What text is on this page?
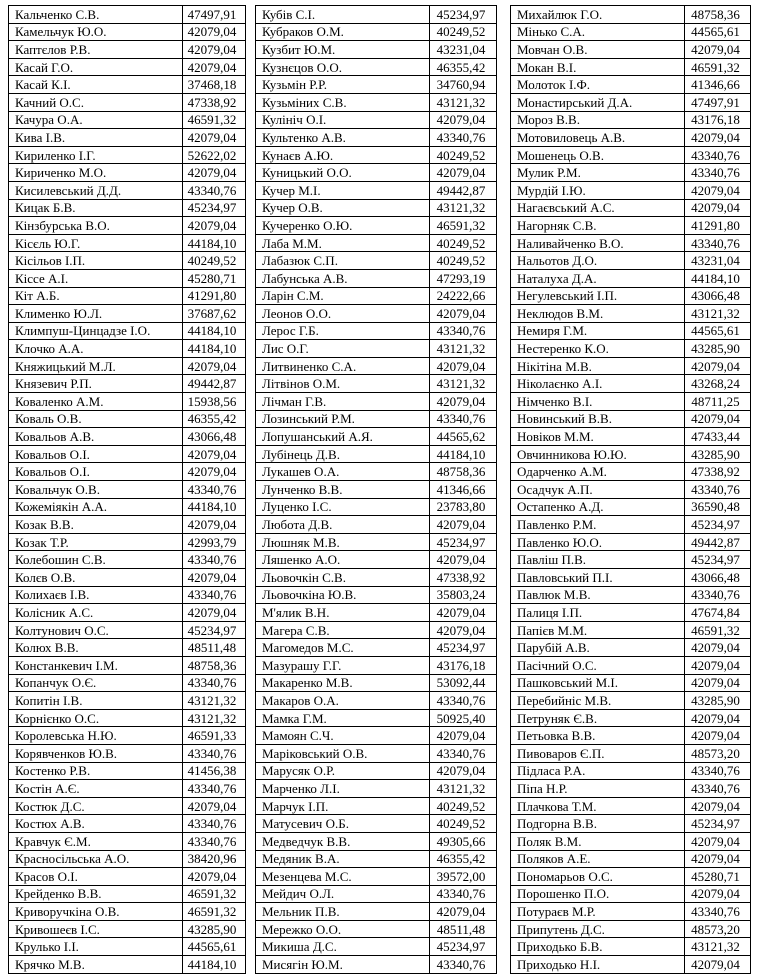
Кальченко С.В.	47497,91
Камельчук Ю.О.	42079,04
Каптєлов Р.В.	42079,04
Касай Г.О.	42079,04
Касай К.І.	37468,18
Качний О.С.	47338,92
Качура О.А.	46591,32
Кива І.В.	42079,04
Кириленко І.Г.	52622,02
Кириченко М.О.	42079,04
Кисилевський Д.Д.	43340,76
Кицак Б.В.	45234,97
Кінзбурська В.О.	42079,04
Кісєль Ю.Г.	44184,10
Кісільов І.П.	40249,52
Кіссе А.І.	45280,71
Кіт А.Б.	41291,80
Клименко Ю.Л.	37687,62
Климпуш-Цинцадзе І.О.	44184,10
Клочко А.А.	44184,10
Княжицький М.Л.	42079,04
Князевич Р.П.	49442,87
Коваленко А.М.	15938,56
Коваль О.В.	46355,42
Ковальов А.В.	43066,48
Ковальов О.І.	42079,04
Ковальов О.І.	42079,04
Ковальчук О.В.	43340,76
Кожеміякін А.А.	44184,10
Козак В.В.	42079,04
Козак Т.Р.	42993,79
Колебошин С.В.	43340,76
Колєв О.В.	42079,04
Колихаєв І.В.	43340,76
Колісник А.С.	42079,04
Колтунович О.С.	45234,97
Колюх В.В.	48511,48
Констанкевич І.М.	48758,36
Копанчук О.Є.	43340,76
Копитін І.В.	43121,32
Корнієнко О.С.	43121,32
Королевська Н.Ю.	46591,33
Корявченков Ю.В.	43340,76
Костенко Р.В.	41456,38
Костін А.Є.	43340,76
Костюк Д.С.	42079,04
Костюх А.В.	43340,76
Кравчук Є.М.	43340,76
Красносільська А.О.	38420,96
Красов О.І.	42079,04
Крейденко В.В.	46591,32
Криворучкіна О.В.	46591,32
Кривошеєв І.С.	43285,90
Крулько І.І.	44565,61
Крячко М.В.	44184,10
Кубів С.І.	45234,97
Кубраков О.М.	40249,52
Кузбит Ю.М.	43231,04
Кузнєцов О.О.	46355,42
Кузьмін Р.Р.	34760,94
Кузьміних С.В.	43121,32
Кулініч О.І.	42079,04
Культенко А.В.	43340,76
Кунаєв А.Ю.	40249,52
Куницький О.О.	42079,04
Кучер М.І.	49442,87
Кучер О.В.	43121,32
Кучеренко О.Ю.	46591,32
Лаба М.М.	40249,52
Лабазюк С.П.	40249,52
Лабунська А.В.	47293,19
Ларін С.М.	24222,66
Леонов О.О.	42079,04
Лерос Г.Б.	43340,76
Лис О.Г.	43121,32
Литвиненко С.А.	42079,04
Літвінов О.М.	43121,32
Лічман Г.В.	42079,04
Лозинський Р.М.	43340,76
Лопушанський А.Я.	44565,62
Лубінець Д.В.	44184,10
Лукашев О.А.	48758,36
Лунченко В.В.	41346,66
Луценко І.С.	23783,80
Любота Д.В.	42079,04
Люшняк М.В.	45234,97
Ляшенко А.О.	42079,04
Льовочкін С.В.	47338,92
Льовочкіна Ю.В.	35803,24
М'ялик В.Н.	42079,04
Магера С.В.	42079,04
Магомедов М.С.	45234,97
Мазурашу Г.Г.	43176,18
Макаренко М.В.	53092,44
Макаров О.А.	43340,76
Мамка Г.М.	50925,40
Мамоян С.Ч.	42079,04
Маріковський О.В.	43340,76
Марусяк О.Р.	42079,04
Марченко Л.І.	43121,32
Марчук І.П.	40249,52
Матусевич О.Б.	40249,52
Медведчук В.В.	49305,66
Медяник В.А.	46355,42
Мезенцева М.С.	39572,00
Мейдич О.Л.	43340,76
Мельник П.В.	42079,04
Мережко О.О.	48511,48
Микиша Д.С.	45234,97
Мисягін Ю.М.	43340,76
Михайлюк Г.О.	48758,36
Мінько С.А.	44565,61
Мовчан О.В.	42079,04
Мокан В.І.	46591,32
Молоток І.Ф.	41346,66
Монастирський Д.А.	47497,91
Мороз В.В.	43176,18
Мотовиловець А.В.	42079,04
Мошенець О.В.	43340,76
Мулик Р.М.	43340,76
Мурдій І.Ю.	42079,04
Нагаєвський А.С.	42079,04
Нагорняк С.В.	41291,80
Наливайченко В.О.	43340,76
Нальотов Д.О.	43231,04
Наталуха Д.А.	44184,10
Негулевський І.П.	43066,48
Неклюдов В.М.	43121,32
Немиря Г.М.	44565,61
Нестеренко К.О.	43285,90
Нікітіна М.В.	42079,04
Ніколаєнко А.І.	43268,24
Німченко В.І.	48711,25
Новинський В.В.	42079,04
Новіков М.М.	47433,44
Овчинникова Ю.Ю.	43285,90
Одарченко А.М.	47338,92
Осадчук А.П.	43340,76
Остапенко А.Д.	36590,48
Павленко Р.М.	45234,97
Павленко Ю.О.	49442,87
Павліш П.В.	45234,97
Павловський П.І.	43066,48
Павлюк М.В.	43340,76
Палиця І.П.	47674,84
Папієв М.М.	46591,32
Парубій А.В.	42079,04
Пасічний О.С.	42079,04
Пашковський М.І.	42079,04
Перебийніс М.В.	43285,90
Петруняк Є.В.	42079,04
Петьовка В.В.	42079,04
Пивоваров Є.П.	48573,20
Підласа Р.А.	43340,76
Піпа Н.Р.	43340,76
Плачкова Т.М.	42079,04
Подгорна В.В.	45234,97
Поляк В.М.	42079,04
Поляков А.Е.	42079,04
Пономарьов О.С.	45280,71
Порошенко П.О.	42079,04
Потураєв М.Р.	43340,76
Припутень Д.С.	48573,20
Приходько Б.В.	43121,32
Приходько Н.І.	42079,04
